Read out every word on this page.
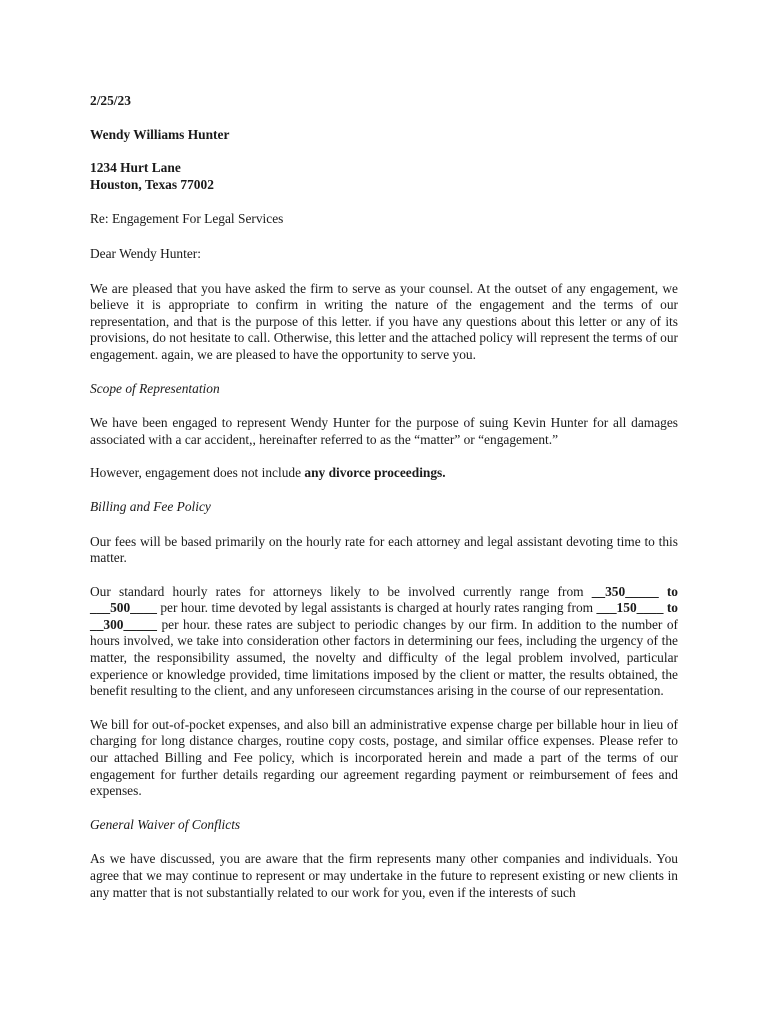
2/25/23

Wendy Williams Hunter

1234 Hurt Lane

Houston, Texas 77002

Re: Engagement For Legal Services

Dear Wendy Hunter:

We are pleased that you have asked the firm to serve as your counsel. At the outset of any engagement, we believe it is appropriate to confirm in writing the nature of the engagement and the terms of our representation, and that is the purpose of this letter. if you have any questions about this letter or any of its provisions, do not hesitate to call. Otherwise, this letter and the attached policy will represent the terms of our engagement. again, we are pleased to have the opportunity to serve you.

Scope of Representation

We have been engaged to represent Wendy Hunter for the purpose of suing Kevin Hunter for all damages associated with a car accident,, hereinafter referred to as the “matter” or “engagement.”

However, engagement does not include any divorce proceedings.

Billing and Fee Policy

Our fees will be based primarily on the hourly rate for each attorney and legal assistant devoting time to this matter.

Our standard hourly rates for attorneys likely to be involved currently range from __350_____ to ___500____ per hour. time devoted by legal assistants is charged at hourly rates ranging from ___150____ to __300_____ per hour. these rates are subject to periodic changes by our firm. In addition to the number of hours involved, we take into consideration other factors in determining our fees, including the urgency of the matter, the responsibility assumed, the novelty and difficulty of the legal problem involved, particular experience or knowledge provided, time limitations imposed by the client or matter, the results obtained, the benefit resulting to the client, and any unforeseen circumstances arising in the course of our representation.

We bill for out-of-pocket expenses, and also bill an administrative expense charge per billable hour in lieu of charging for long distance charges, routine copy costs, postage, and similar office expenses. Please refer to our attached Billing and Fee policy, which is incorporated herein and made a part of the terms of our engagement for further details regarding our agreement regarding payment or reimbursement of fees and expenses.

General Waiver of Conflicts

As we have discussed, you are aware that the firm represents many other companies and individuals. You agree that we may continue to represent or may undertake in the future to represent existing or new clients in any matter that is not substantially related to our work for you, even if the interests of such
